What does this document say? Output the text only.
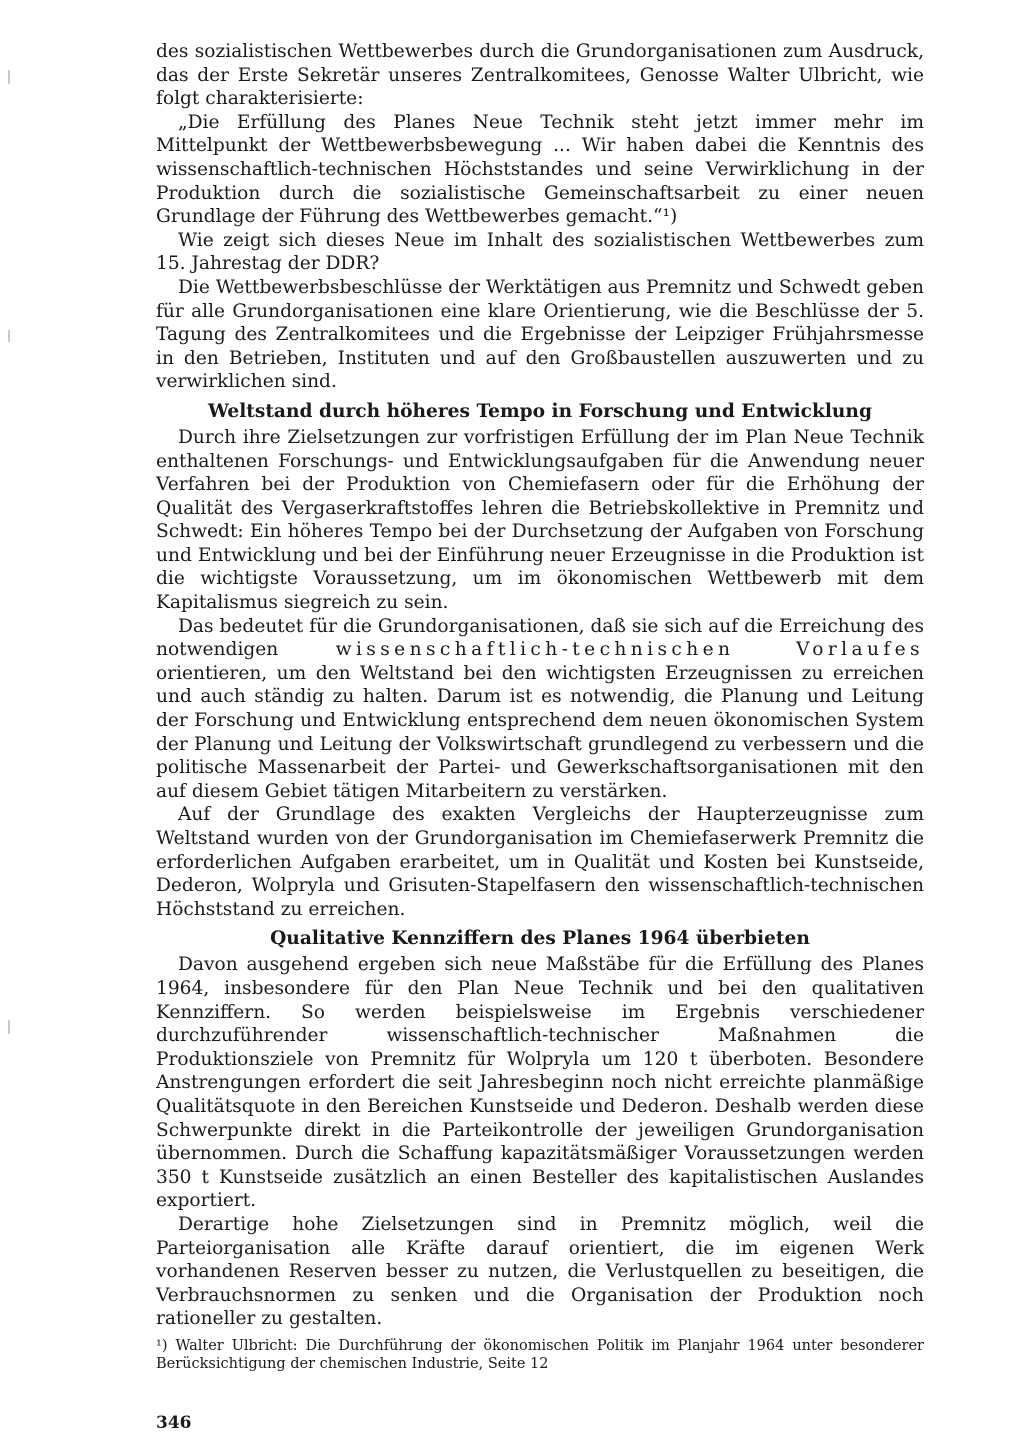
des sozialistischen Wettbewerbes durch die Grundorganisationen zum Ausdruck, das der Erste Sekretär unseres Zentralkomitees, Genosse Walter Ulbricht, wie folgt charakterisierte:

„Die Erfüllung des Planes Neue Technik steht jetzt immer mehr im Mittelpunkt der Wettbewerbsbewegung ... Wir haben dabei die Kenntnis des wissenschaftlich-technischen Höchststandes und seine Verwirklichung in der Produktion durch die sozialistische Gemeinschaftsarbeit zu einer neuen Grundlage der Führung des Wettbewerbes gemacht.“¹)

Wie zeigt sich dieses Neue im Inhalt des sozialistischen Wettbewerbes zum 15. Jahrestag der DDR?

Die Wettbewerbsbeschlüsse der Werktätigen aus Premnitz und Schwedt geben für alle Grundorganisationen eine klare Orientierung, wie die Beschlüsse der 5. Tagung des Zentralkomitees und die Ergebnisse der Leipziger Frühjahrsmesse in den Betrieben, Instituten und auf den Großbaustellen auszuwerten und zu verwirklichen sind.

Weltstand durch höheres Tempo in Forschung und Entwicklung

Durch ihre Zielsetzungen zur vorfristigen Erfüllung der im Plan Neue Technik enthaltenen Forschungs- und Entwicklungsaufgaben für die Anwendung neuer Verfahren bei der Produktion von Chemiefasern oder für die Erhöhung der Qualität des Vergaserkraftstoffes lehren die Betriebskollektive in Premnitz und Schwedt: Ein höheres Tempo bei der Durchsetzung der Aufgaben von Forschung und Entwicklung und bei der Einführung neuer Erzeugnisse in die Produktion ist die wichtigste Voraussetzung, um im ökonomischen Wettbewerb mit dem Kapitalismus siegreich zu sein.

Das bedeutet für die Grundorganisationen, daß sie sich auf die Erreichung des notwendigen wissenschaftlich-technischen Vorlaufes orientieren, um den Weltstand bei den wichtigsten Erzeugnissen zu erreichen und auch ständig zu halten. Darum ist es notwendig, die Planung und Leitung der Forschung und Entwicklung entsprechend dem neuen ökonomischen System der Planung und Leitung der Volkswirtschaft grundlegend zu verbessern und die politische Massenarbeit der Partei- und Gewerkschaftsorganisationen mit den auf diesem Gebiet tätigen Mitarbeitern zu verstärken.

Auf der Grundlage des exakten Vergleichs der Haupterzeugnisse zum Weltstand wurden von der Grundorganisation im Chemiefaserwerk Premnitz die erforderlichen Aufgaben erarbeitet, um in Qualität und Kosten bei Kunstseide, Dederon, Wolpryla und Grisuten-Stapelfasern den wissenschaftlich-technischen Höchststand zu erreichen.

Qualitative Kennziffern des Planes 1964 überbieten

Davon ausgehend ergeben sich neue Maßstäbe für die Erfüllung des Planes 1964, insbesondere für den Plan Neue Technik und bei den qualitativen Kennziffern. So werden beispielsweise im Ergebnis verschiedener durchzuführender wissenschaftlich-technischer Maßnahmen die Produktionsziele von Premnitz für Wolpryla um 120 t überboten. Besondere Anstrengungen erfordert die seit Jahresbeginn noch nicht erreichte planmäßige Qualitätsquote in den Bereichen Kunstseide und Dederon. Deshalb werden diese Schwerpunkte direkt in die Parteikontrolle der jeweiligen Grundorganisation übernommen. Durch die Schaffung kapazitätsmäßiger Voraussetzungen werden 350 t Kunstseide zusätzlich an einen Besteller des kapitalistischen Auslandes exportiert.

Derartige hohe Zielsetzungen sind in Premnitz möglich, weil die Parteiorganisation alle Kräfte darauf orientiert, die im eigenen Werk vorhandenen Reserven besser zu nutzen, die Verlustquellen zu beseitigen, die Verbrauchsnormen zu senken und die Organisation der Produktion noch rationeller zu gestalten.

¹) Walter Ulbricht: Die Durchführung der ökonomischen Politik im Planjahr 1964 unter besonderer Berücksichtigung der chemischen Industrie, Seite 12

346
